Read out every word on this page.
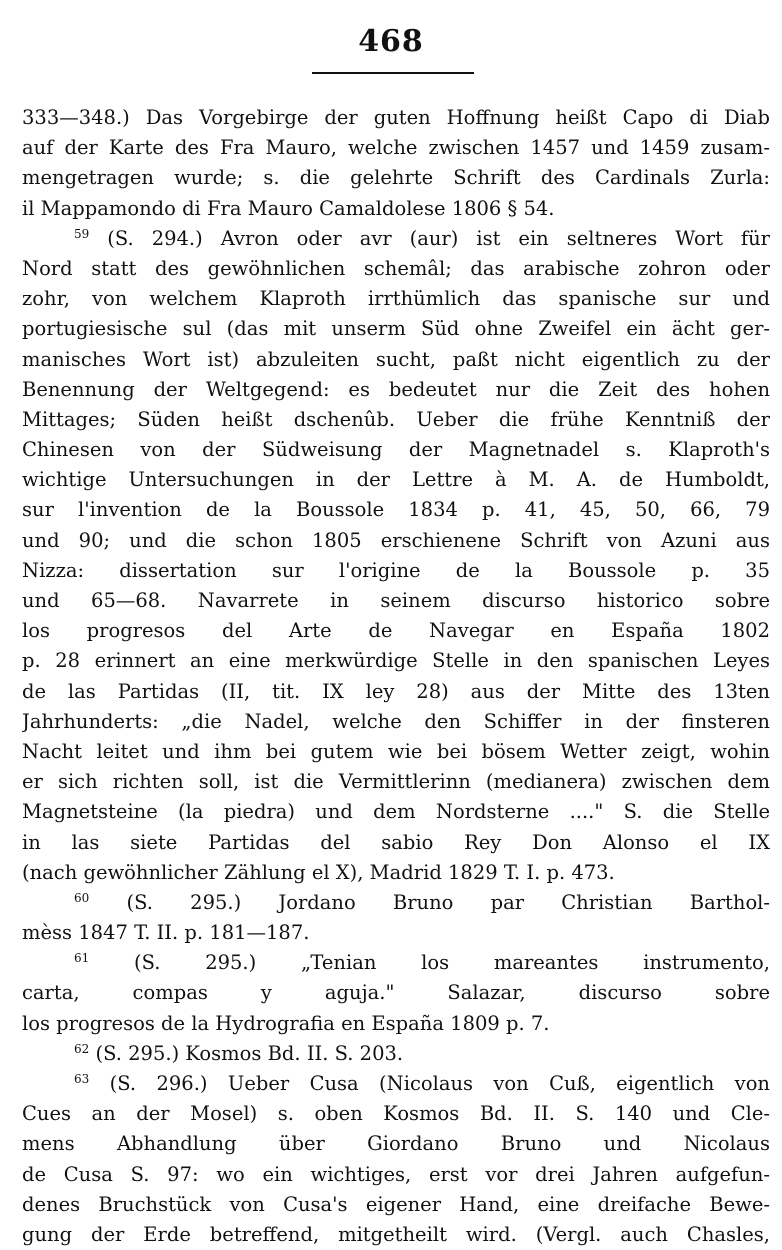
468
333—348.) Das Vorgebirge der guten Hoffnung heißt Capo di Diab
auf der Karte des Fra Mauro, welche zwischen 1457 und 1459 zusam-
mengetragen wurde; s. die gelehrte Schrift des Cardinals Zurla:
il Mappamondo di Fra Mauro Camaldolese 1806 § 54.
$^{59}$ (S. 294.) Avron oder avr (aur) ist ein seltneres Wort für
Nord statt des gewöhnlichen schemâl; das arabische zohron oder
zohr, von welchem Klaproth irrthümlich das spanische sur und
portugiesische sul (das mit unserm Süd ohne Zweifel ein ächt ger-
manisches Wort ist) abzuleiten sucht, paßt nicht eigentlich zu der
Benennung der Weltgegend: es bedeutet nur die Zeit des hohen
Mittages; Süden heißt dschenûb. Ueber die frühe Kenntniß der
Chinesen von der Südweisung der Magnetnadel s. Klaproth's
wichtige Untersuchungen in der Lettre à M. A. de Humboldt,
sur l'invention de la Boussole 1834 p. 41, 45, 50, 66, 79
und 90; und die schon 1805 erschienene Schrift von Azuni aus
Nizza: dissertation sur l'origine de la Boussole p. 35
und 65—68. Navarrete in seinem discurso historico sobre
los progresos del Arte de Navegar en España 1802
p. 28 erinnert an eine merkwürdige Stelle in den spanischen Leyes
de las Partidas (II, tit. IX ley 28) aus der Mitte des 13ten
Jahrhunderts: „die Nadel, welche den Schiffer in der finsteren
Nacht leitet und ihm bei gutem wie bei bösem Wetter zeigt, wohin
er sich richten soll, ist die Vermittlerinn (medianera) zwischen dem
Magnetsteine (la piedra) und dem Nordsterne ...." S. die Stelle
in las siete Partidas del sabio Rey Don Alonso el IX
(nach gewöhnlicher Zählung el X), Madrid 1829 T. I. p. 473.
$^{60}$ (S. 295.) Jordano Bruno par Christian Barthol-
mèss 1847 T. II. p. 181—187.
$^{61}$ (S. 295.) „Tenian los mareantes instrumento,
carta, compas y aguja." Salazar, discurso sobre
los progresos de la Hydrografia en España 1809 p. 7.
$^{62}$ (S. 295.) Kosmos Bd. II. S. 203.
$^{63}$ (S. 296.) Ueber Cusa (Nicolaus von Cuß, eigentlich von
Cues an der Mosel) s. oben Kosmos Bd. II. S. 140 und Cle-
mens Abhandlung über Giordano Bruno und Nicolaus
de Cusa S. 97: wo ein wichtiges, erst vor drei Jahren aufgefun-
denes Bruchstück von Cusa's eigener Hand, eine dreifache Bewe-
gung der Erde betreffend, mitgetheilt wird. (Vergl. auch Chasles,
